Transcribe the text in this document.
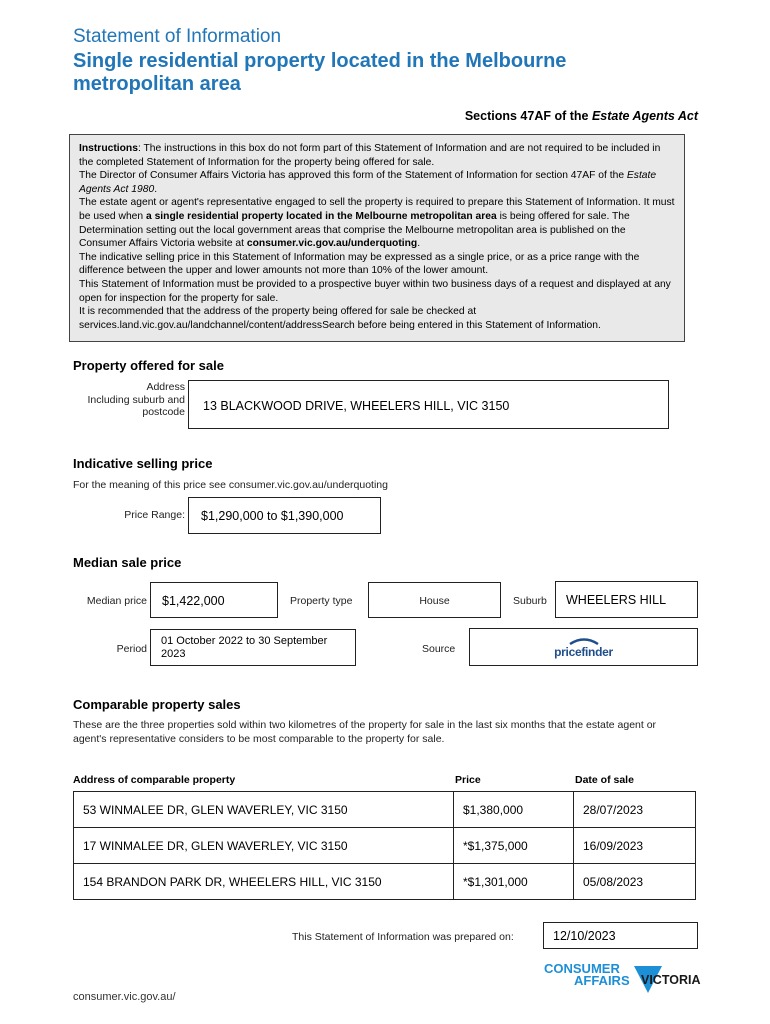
Statement of Information
Single residential property located in the Melbourne metropolitan area
Sections 47AF of the Estate Agents Act

Instructions: The instructions in this box do not form part of this Statement of Information and are not required to be included in the completed Statement of Information for the property being offered for sale.

The Director of Consumer Affairs Victoria has approved this form of the Statement of Information for section 47AF of the Estate Agents Act 1980.

The estate agent or agent's representative engaged to sell the property is required to prepare this Statement of Information. It must be used when a single residential property located in the Melbourne metropolitan area is being offered for sale. The Determination setting out the local government areas that comprise the Melbourne metropolitan area is published on the Consumer Affairs Victoria website at consumer.vic.gov.au/underquoting.

The indicative selling price in this Statement of Information may be expressed as a single price, or as a price range with the difference between the upper and lower amounts not more than 10% of the lower amount.

This Statement of Information must be provided to a prospective buyer within two business days of a request and displayed at any open for inspection for the property for sale.

It is recommended that the address of the property being offered for sale be checked at services.land.vic.gov.au/landchannel/content/addressSearch before being entered in this Statement of Information.

Property offered for sale
Address
Including suburb and
postcode 13 BLACKWOOD DRIVE, WHEELERS HILL, VIC 3150
Indicative selling price
For the meaning of this price see consumer.vic.gov.au/underquoting
Price Range: $1,290,000 to $1,390,000
Median sale price
Median price $1,422,000	Property type	House	Suburb WHEELERS HILL
Period
01 October 2022 to 30 September 2023	Source	pricefinder
Comparable property sales
These are the three properties sold within two kilometres of the property for sale in the last six months that the estate agent or agent's representative considers to be most comparable to the property for sale.
Address of comparable property	Price	Date of sale
53 WINMALEE DR, GLEN WAVERLEY, VIC 3150	$1,380,000	28/07/2023
17 WINMALEE DR, GLEN WAVERLEY, VIC 3150	*$1,375,000	16/09/2023
154 BRANDON PARK DR, WHEELERS HILL, VIC 3150	*$1,301,000	05/08/2023
This Statement of Information was prepared on:	12/10/2023
consumer.vic.gov.au/
CONSUMER
AFFAIRS VICTORIA
